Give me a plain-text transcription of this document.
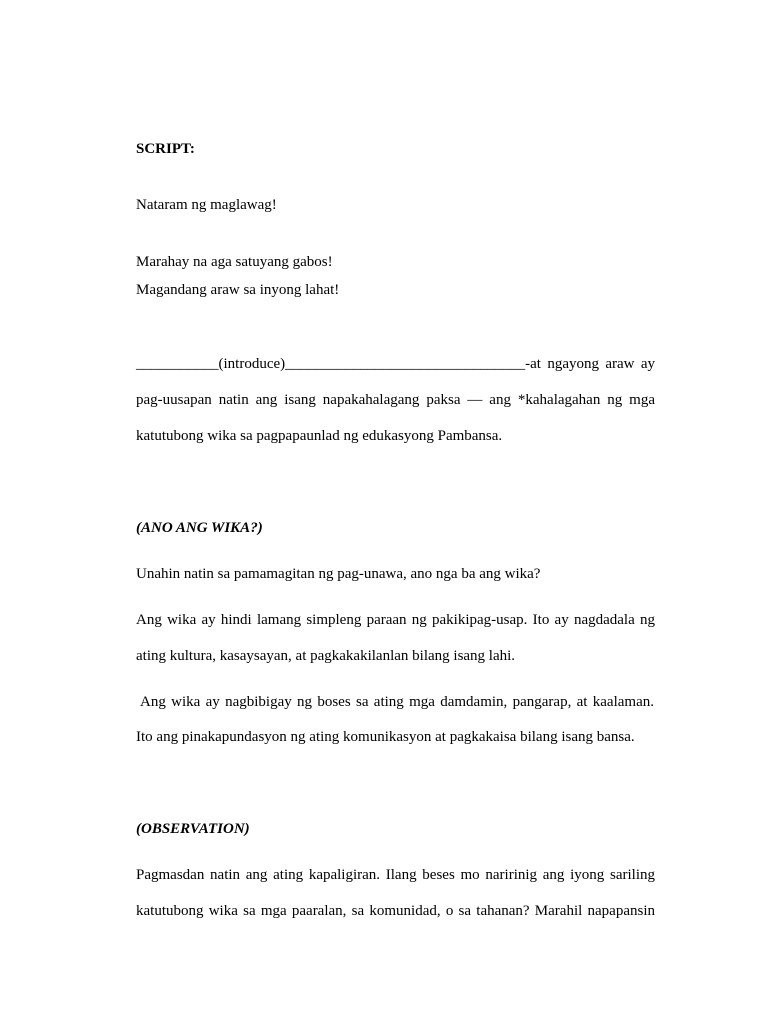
SCRIPT:
Nataram ng maglawag!
Marahay na aga satuyang gabos!
Magandang araw sa inyong lahat!
___________(introduce)________________________________-at ngayong araw ay
pag-uusapan natin ang isang napakahalagang paksa — ang *kahalagahan ng mga
katutubong wika sa pagpapaunlad ng edukasyong Pambansa.
(ANO ANG WIKA?)
Unahin natin sa pamamagitan ng pag-unawa, ano nga ba ang wika?
Ang wika ay hindi lamang simpleng paraan ng pakikipag-usap. Ito ay nagdadala ng
ating kultura, kasaysayan, at pagkakakilanlan bilang isang lahi.
Ang wika ay nagbibigay ng boses sa ating mga damdamin, pangarap, at kaalaman.
Ito ang pinakapundasyon ng ating komunikasyon at pagkakaisa bilang isang bansa.
(OBSERVATION)
Pagmasdan natin ang ating kapaligiran. Ilang beses mo naririnig ang iyong sariling
katutubong wika sa mga paaralan, sa komunidad, o sa tahanan? Marahil napapansin
